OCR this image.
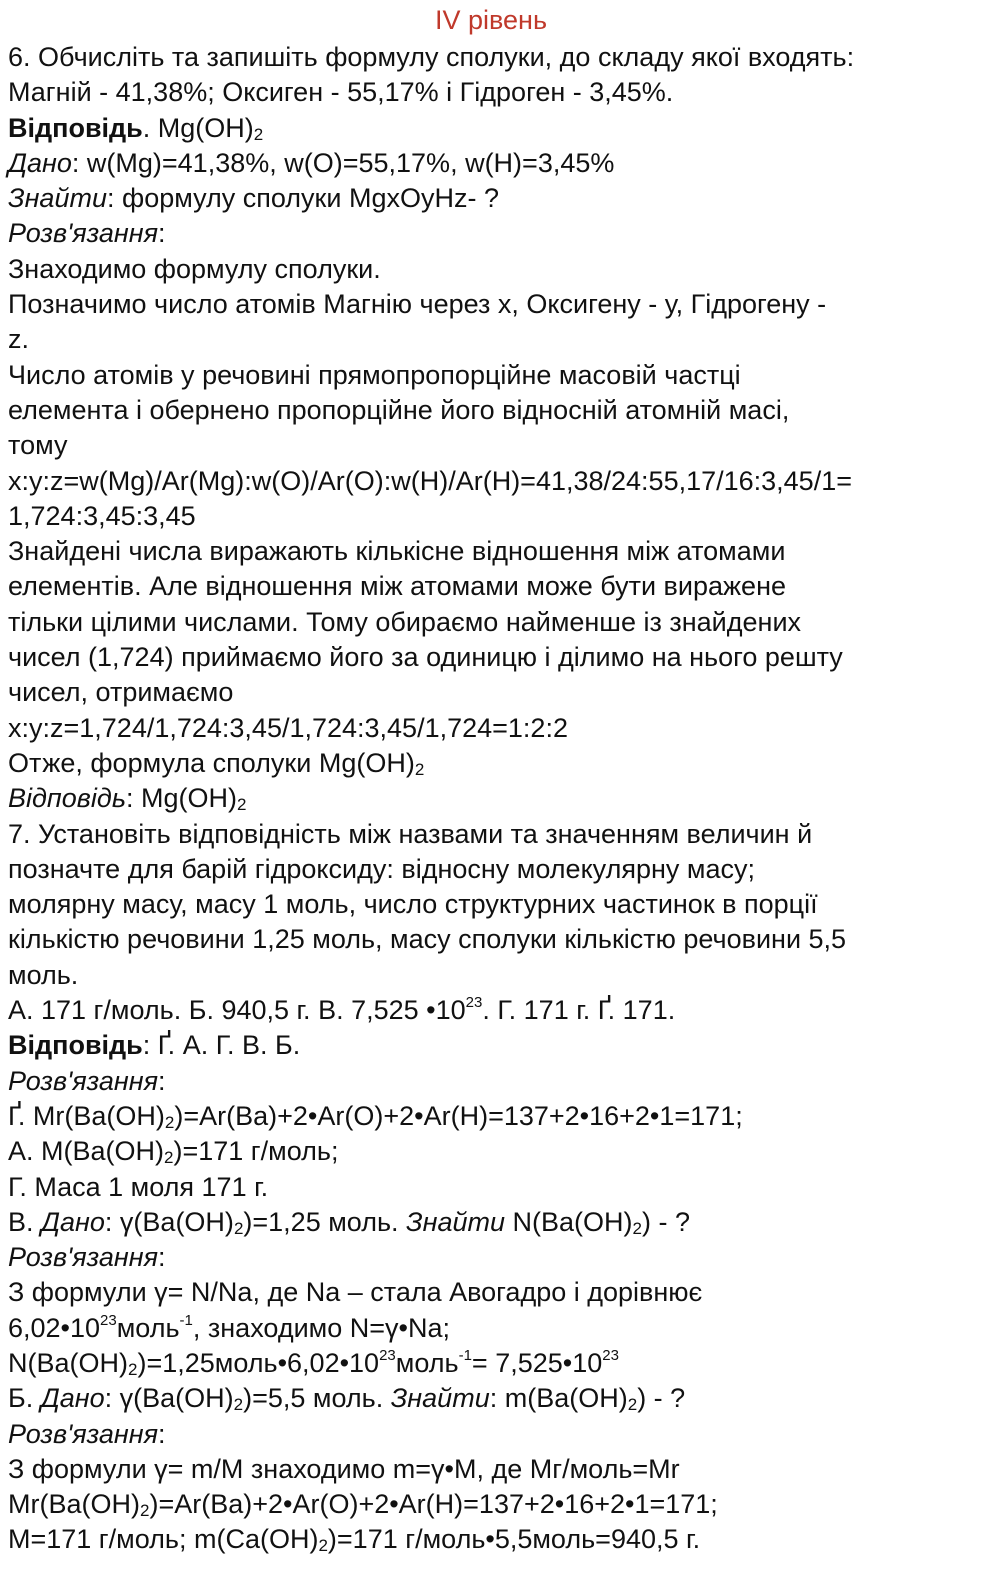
IV рівень
6. Обчисліть та запишіть формулу сполуки, до складу якої входять:
Магній - 41,38%; Оксиген - 55,17% і Гідроген - 3,45%.
Відповідь. $Mg(OH)_2$
Дано: w(Mg)=41,38%, w(O)=55,17%, w(H)=3,45%
Знайти: формулу сполуки MgxOyHz- ?
Розв'язання:
Знаходимо формулу сполуки.
Позначимо число атомів Магнію через x, Оксигену - у, Гідрогену -
z.
Число атомів у речовині прямопропорційне масовій частці
елемента і обернено пропорційне його відносній атомній масі,
тому
x:y:z=w(Mg)/Ar(Mg):w(O)/Ar(O):w(H)/Ar(H)=41,38/24:55,17/16:3,45/1=
1,724:3,45:3,45
Знайдені числа виражають кількісне відношення між атомами
елементів. Але відношення між атомами може бути виражене
тільки цілими числами. Тому обираємо найменше із знайдених
чисел (1,724) приймаємо його за одиницю і ділимо на нього решту
чисел, отримаємо
x:y:z=1,724/1,724:3,45/1,724:3,45/1,724=1:2:2
Отже, формула сполуки $Mg(OH)_2$
Відповідь: $Mg(OH)_2$
7. Установіть відповідність між назвами та значенням величин й
позначте для барій гідроксиду: відносну молекулярну масу;
молярну масу, масу 1 моль, число структурних частинок в порції
кількістю речовини 1,25 моль, масу сполуки кількістю речовини 5,5
моль.
А. 171 г/моль. Б. 940,5 г. В. 7,525 $•10^{23}$. Г. 171 г. Ґ. 171.
Відповідь: Ґ. А. Г. В. Б.
Розв'язання:
Ґ. $Mr(Ba(OH)_2)=Ar(Ba)+2•Ar(O)+2•Ar(H)=137+2•16+2•1=171$;
А. $M(Ba(OH)_2)=171$ г/моль;
Г. Маса 1 моля 171 г.
В. Дано: $\gamma(Ba(OH)_2)=1,25$ моль. Знайти $N(Ba(OH)_2)$ - ?
Розв'язання:
З формули γ= N/Na, де Na – стала Авогадро і дорівнює
$6,02•10^{23}моль^{-1}$, знаходимо N=γ•Na;
$N(Ba(OH)_2)=1,25моль•6,02•10^{23}моль^{-1}=$ $7,525•10^{23}$
Б. Дано: $\gamma(Ba(OH)_2)=5,5$ моль. Знайти: $m(Ba(OH)_2)$ - ?
Розв'язання:
З формули γ= m/M знаходимо m=γ•M, де Mг/моль=Mr
$Mr(Ba(OH)_2)=Ar(Ba)+2•Ar(O)+2•Ar(H)=137+2•16+2•1=171$;
M=171 г/моль; $m(Ca(OH)_2)=171$ г/моль•5,5моль=940,5 г.
